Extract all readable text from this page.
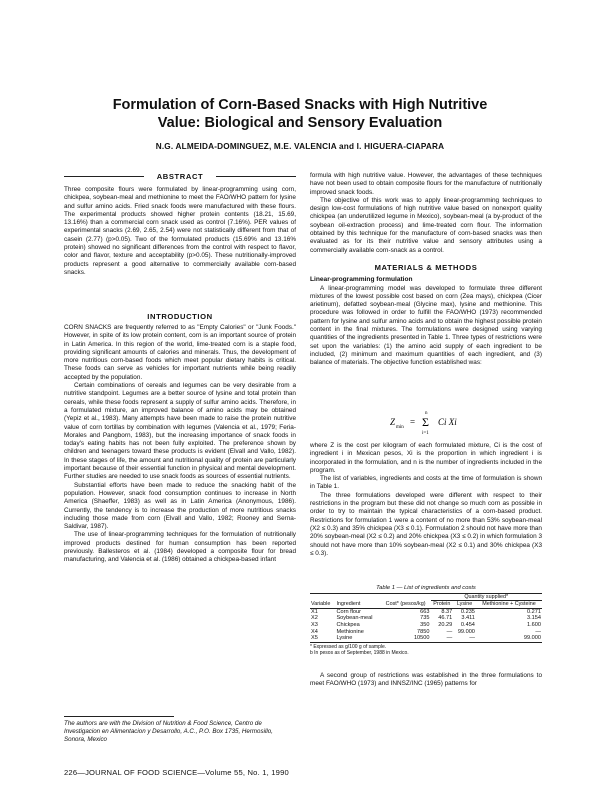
Formulation of Corn-Based Snacks with High Nutritive
Value: Biological and Sensory Evaluation
N.G. ALMEIDA-DOMINGUEZ, M.E. VALENCIA and I. HIGUERA-CIAPARA
ABSTRACT
Three composite flours were formulated by linear-programming using corn, chickpea, soybean-meal and methionine to meet the FAO/WHO pattern for lysine and sulfur amino acids. Fried snack foods were manufactured with these flours. The experimental products showed higher protein contents (18.21, 15.69, 13.16%) than a commercial corn snack used as control (7.16%). PER values of experimental snacks (2.69, 2.65, 2.54) were not statistically different from that of casein (2.77) (p>0.05). Two of the formulated products (15.69% and 13.16% protein) showed no significant differences from the control with respect to flavor, color and flavor, texture and acceptability (p>0.05). These nutritionally-improved products represent a good alternative to commercially available corn-based snacks.
INTRODUCTION
CORN SNACKS are frequently referred to as "Empty Calories" or "Junk Foods." However, in spite of its low protein content, corn is an important source of protein in Latin America. In this region of the world, lime-treated corn is a staple food, providing significant amounts of calories and minerals. Thus, the development of more nutritious corn-based foods which meet popular dietary habits is critical. These foods can serve as vehicles for important nutrients while being readily accepted by the population.
Certain combinations of cereals and legumes can be very desirable from a nutritive standpoint. Legumes are a better source of lysine and total protein than cereals, while these foods represent a supply of sulfur amino acids. Therefore, in a formulated mixture, an improved balance of amino acids may be obtained (Yepiz et al., 1983). Many attempts have been made to raise the protein nutritive value of corn tortillas by combination with legumes (Valencia et al., 1979; Feria-Morales and Pangborn, 1983), but the increasing importance of snack foods in today's eating habits has not been fully exploited. The preference shown by children and teenagers toward these products is evident (Elvall and Vallo, 1982). In these stages of life, the amount and nutritional quality of protein are particularly important because of their essential function in physical and mental development. Further studies are needed to use snack foods as sources of essential nutrients.
Substantial efforts have been made to reduce the snacking habit of the population. However, snack food consumption continues to increase in North America (Shaeffer, 1983) as well as in Latin America (Anonymous, 1986). Currently, the tendency is to increase the production of more nutritious snacks including those made from corn (Elvall and Vallo, 1982; Rooney and Serna-Saldivar, 1987).
The use of linear-programming techniques for the formulation of nutritionally improved products destined for human consumption has been reported previously. Ballesteros et al. (1984) developed a composite flour for bread manufacturing, and Valencia et al. (1986) obtained a chickpea-based infant
formula with high nutritive value. However, the advantages of these techniques have not been used to obtain composite flours for the manufacture of nutritionally improved snack foods.
The objective of this work was to apply linear-programming techniques to design low-cost formulations of high nutritive value based on nonexport quality chickpea (an underutilized legume in Mexico), soybean-meal (a by-product of the soybean oil-extraction process) and lime-treated corn flour. The information obtained by this technique for the manufacture of corn-based snacks was then evaluated as for its their nutritive value and sensory attributes using a commercially available corn-snack as a control.
MATERIALS & METHODS
Linear-programming formulation
A linear-programming model was developed to formulate three different mixtures of the lowest possible cost based on corn (Zea mays), chickpea (Cicer arietinum), defatted soybean-meal (Glycine max), lysine and methionine. This procedure was followed in order to fulfill the FAO/WHO (1973) recommended pattern for lysine and sulfur amino acids and to obtain the highest possible protein content in the final mixtures. The formulations were designed using varying quantities of the ingredients presented in Table 1. Three types of restrictions were set upon the variables: (1) the amino acid supply of each ingredient to be included, (2) minimum and maximum quantities of each ingredient, and (3) balance of materials. The objective function established was:
Z
min
=
n
Σ
i=1
Ci Xi
where Z is the cost per kilogram of each formulated mixture, Ci is the cost of ingredient i in Mexican pesos, Xi is the proportion in which ingredient i is incorporated in the formulation, and n is the number of ingredients included in the program.
The list of variables, ingredients and costs at the time of formulation is shown in Table 1.
The three formulations developed were different with respect to their restrictions in the program but these did not change so much corn as possible in order to try to maintain the typical characteristics of a corn-based product. Restrictions for formulation 1 were a content of no more than 53% soybean-meal (X2 ≤ 0.3) and 35% chickpea (X3 ≤ 0.1). Formulation 2 should not have more than 20% soybean-meal (X2 ≤ 0.2) and 20% chickpea (X3 ≤ 0.2) in which formulation 3 should not have more than 10% soybean-meal (X2 ≤ 0.1) and 30% chickpea (X3 ≤ 0.3).
Table 1 — List of ingredients and costs
			Quantity supplied*		
Variable	Ingredient	Cost* (pesos/kg)	Protein	Lysine	Methionine + Cysteine
X1	Corn flour	663	8.37	0.235	0.271
X2	Soybean-meal	735	46.71	3.411	3.154
X3	Chickpea	350	20.29	0.454	1.600
X4	Methionine	7850	—	99.000	—
X5	Lysine	10500	—	—	99.000
* Expressed as g/100 g of sample.
b In pesos as of September, 1988 in Mexico.
A second group of restrictions was established in the three formulations to meet FAO/WHO (1973) and INNSZ/INC (1965) patterns for
The authors are with the Division of Nutrition & Food Science, Centro de Investigacion en Alimentacion y Desarrollo, A.C., P.O. Box 1735, Hermosillo, Sonora, Mexico
226—JOURNAL OF FOOD SCIENCE—Volume 55, No. 1, 1990
